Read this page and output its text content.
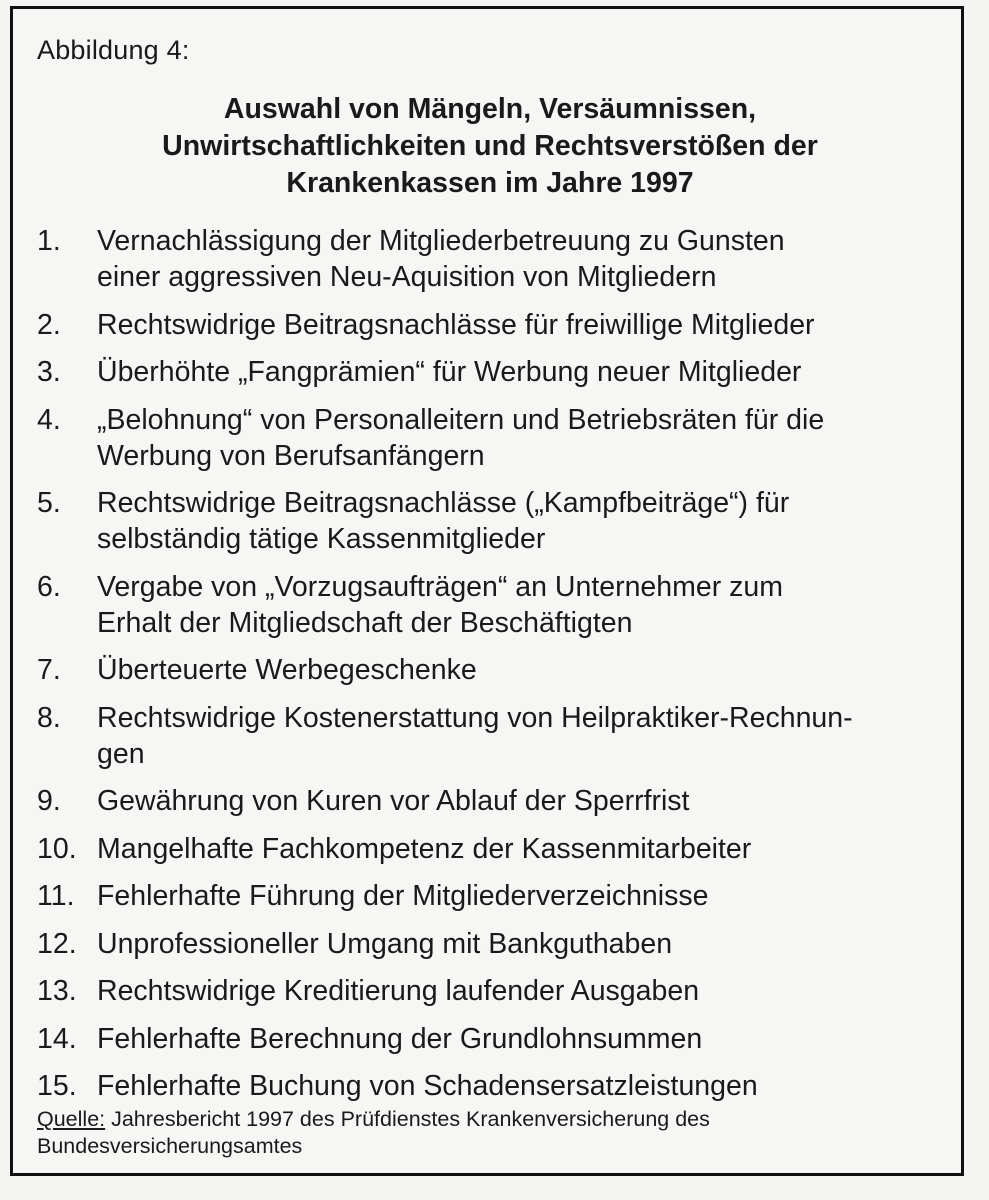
Abbildung 4:
Auswahl von Mängeln, Versäumnissen,
Unwirtschaftlichkeiten und Rechtsverstößen der
Krankenkassen im Jahre 1997
1.	Vernachlässigung der Mitgliederbetreuung zu Gunsten
einer aggressiven Neu-Aquisition von Mitgliedern
2.	Rechtswidrige Beitragsnachlässe für freiwillige Mitglieder
3.	Überhöhte „Fangprämien“ für Werbung neuer Mitglieder
4.	„Belohnung“ von Personalleitern und Betriebsräten für die
Werbung von Berufsanfängern
5.	Rechtswidrige Beitragsnachlässe („Kampfbeiträge“) für
selbständig tätige Kassenmitglieder
6.	Vergabe von „Vorzugsaufträgen“ an Unternehmer zum
Erhalt der Mitgliedschaft der Beschäftigten
7.	Überteuerte Werbegeschenke
8.	Rechtswidrige Kostenerstattung von Heilpraktiker-Rechnun-
gen
9.	Gewährung von Kuren vor Ablauf der Sperrfrist
10. Mangelhafte Fachkompetenz der Kassenmitarbeiter
11. Fehlerhafte Führung der Mitgliederverzeichnisse
12. Unprofessioneller Umgang mit Bankguthaben
13. Rechtswidrige Kreditierung laufender Ausgaben
14. Fehlerhafte Berechnung der Grundlohnsummen
15. Fehlerhafte Buchung von Schadensersatzleistungen
Quelle: Jahresbericht 1997 des Prüfdienstes Krankenversicherung des
Bundesversicherungsamtes
